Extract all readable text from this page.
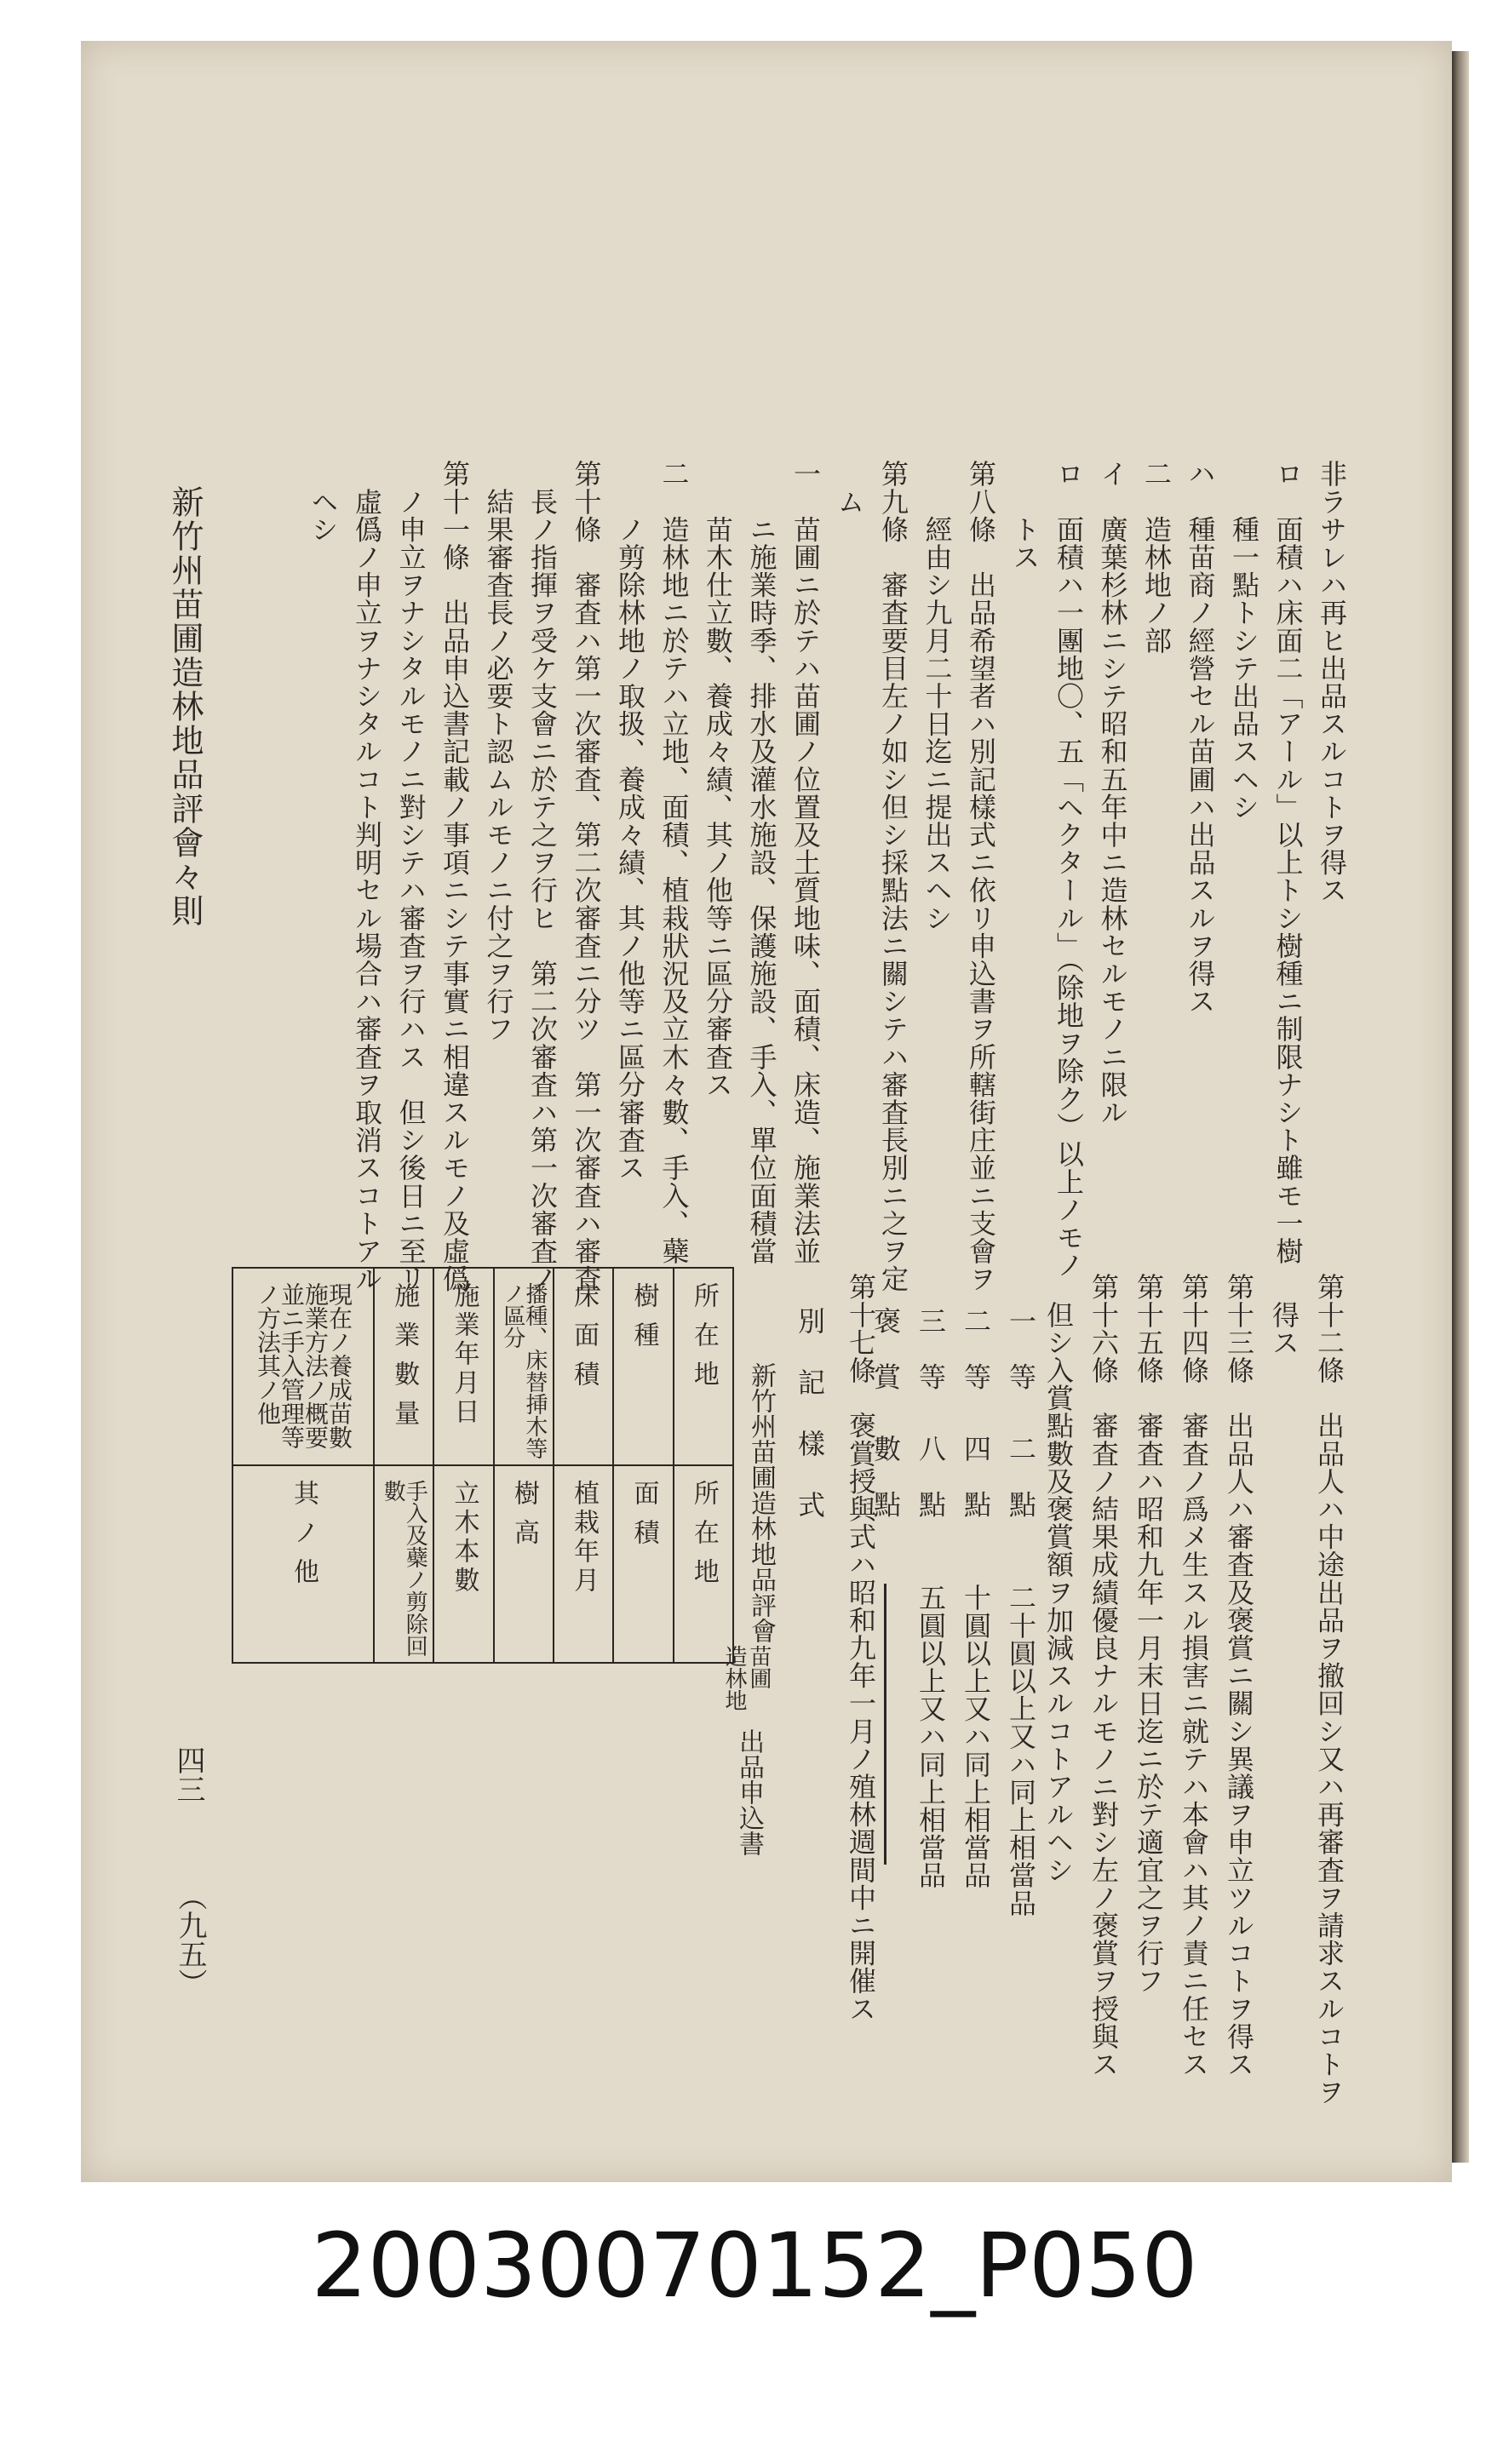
新竹州苗圃造林地品評會々則
四三
（九五）
非ラサレハ再ヒ出品スルコトヲ得ス
ロ　面積ハ床面二「アール」以上トシ樹種ニ制限ナシト雖モ一樹
　　種一點トシテ出品スヘシ
ハ　種苗商ノ經營セル苗圃ハ出品スルヲ得ス
二　造林地ノ部
イ　廣葉杉林ニシテ昭和五年中ニ造林セルモノニ限ル
ロ　面積ハ一團地〇、五「ヘクタール」（除地ヲ除ク）以上ノモノ
　　トス
第八條　出品希望者ハ別記樣式ニ依リ申込書ヲ所轄街庄並ニ支會ヲ
　　經由シ九月二十日迄ニ提出スヘシ
第九條　審査要目左ノ如シ但シ採點法ニ關シテハ審査長別ニ之ヲ定
　ム
一　苗圃ニ於テハ苗圃ノ位置及土質地味、面積、床造、施業法並
　　ニ施業時季、排水及灌水施設、保護施設、手入、單位面積當
　　苗木仕立數、養成々績、其ノ他等ニ區分審査ス
二　造林地ニ於テハ立地、面積、植栽狀況及立木々數、手入、蘗
　　ノ剪除林地ノ取扱、養成々績、其ノ他等ニ區分審査ス
第十條　審査ハ第一次審査、第二次審査ニ分ツ　第一次審査ハ審査
　長ノ指揮ヲ受ケ支會ニ於テ之ヲ行ヒ　第二次審査ハ第一次審査ノ
　結果審査長ノ必要ト認ムルモノニ付之ヲ行フ
第十一條　出品申込書記載ノ事項ニシテ事實ニ相違スルモノ及虛僞
　ノ申立ヲナシタルモノニ對シテハ審査ヲ行ハス　但シ後日ニ至リ
　虛僞ノ申立ヲナシタルコト判明セル場合ハ審査ヲ取消スコトアル
　ヘシ
第十二條　出品人ハ中途出品ヲ撤回シ又ハ再審査ヲ請求スルコトヲ
　得ス
第十三條　出品人ハ審査及褒賞ニ關シ異議ヲ申立ツルコトヲ得ス
第十四條　審査ノ爲メ生スル損害ニ就テハ本會ハ其ノ責ニ任セス
第十五條　審査ハ昭和九年一月末日迄ニ於テ適宜之ヲ行フ
第十六條　審査ノ結果成績優良ナルモノニ對シ左ノ褒賞ヲ授與ス
　但シ入賞點數及褒賞額ヲ加減スルコトアルヘシ
一　等
二　點
二十圓以上又ハ同上相當品
二　等
四　點
十圓以上又ハ同上相當品
三　等
八　點
五圓以上又ハ同上相當品
褒　賞
數　點
第十七條　褒賞授與式ハ昭和九年一月ノ殖林週間中ニ開催ス
別　記　樣　式
新竹州苗圃造林地品評會
苗圃
造林地
出品申込書
所在地
所在地
樹種
面積
床面積
植栽年月
播種、床替挿木等ノ區分
樹高
施業年月日
立木本數
施業數量
手入及蘗ノ剪除回數
現在ノ養成苗數施業方法ノ概要並ニ手入管理等ノ方法其ノ他
其ノ他
20030070152_P050
